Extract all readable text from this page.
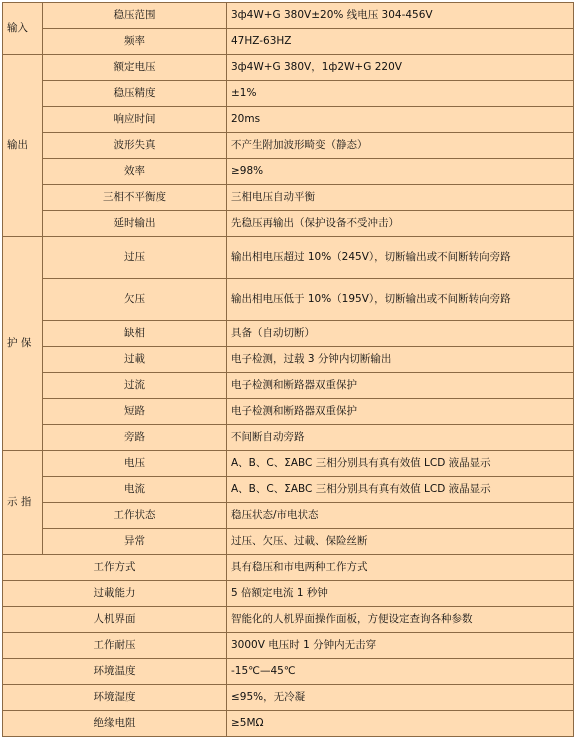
输入	稳压范围	3ф4W+G 380V±20% 线电压 304-456V
	频率	47HZ-63HZ
输出	额定电压	3ф4W+G 380V，1ф2W+G 220V
	稳压精度	±1%
	响应时间	20ms
	波形失真	不产生附加波形畸变（静态）
	效率	≥98%
	三相不平衡度	三相电压自动平衡
	延时输出	先稳压再输出（保护设备不受冲击）
护 保	过压	输出相电压超过 10%（245V），切断输出或不间断转向旁路
	欠压	输出相电压低于 10%（195V），切断输出或不间断转向旁路
	缺相	具备（自动切断）
	过載	电子检测，过载 3 分钟内切断输出
	过流	电子检测和断路器双重保护
	短路	电子检测和断路器双重保护
	旁路	不间断自动旁路
示 指	电压	A、B、C、ΣABC 三相分别具有真有效值 LCD 液晶显示
	电流	A、B、C、ΣABC 三相分别具有真有效值 LCD 液晶显示
	工作状态	稳压状态/市电状态
	异常	过压、欠压、过載、保险丝断
工作方式		具有稳压和市电两种工作方式
过載能力		5 倍额定电流 1 秒钟
人机界面		智能化的人机界面操作面板，方便设定查询各种参数
工作耐压		3000V 电压时 1 分钟内无击穿
环境温度		-15℃—45℃
环境湿度		≤95%，无冷凝
绝缘电阻		≥5MΩ
